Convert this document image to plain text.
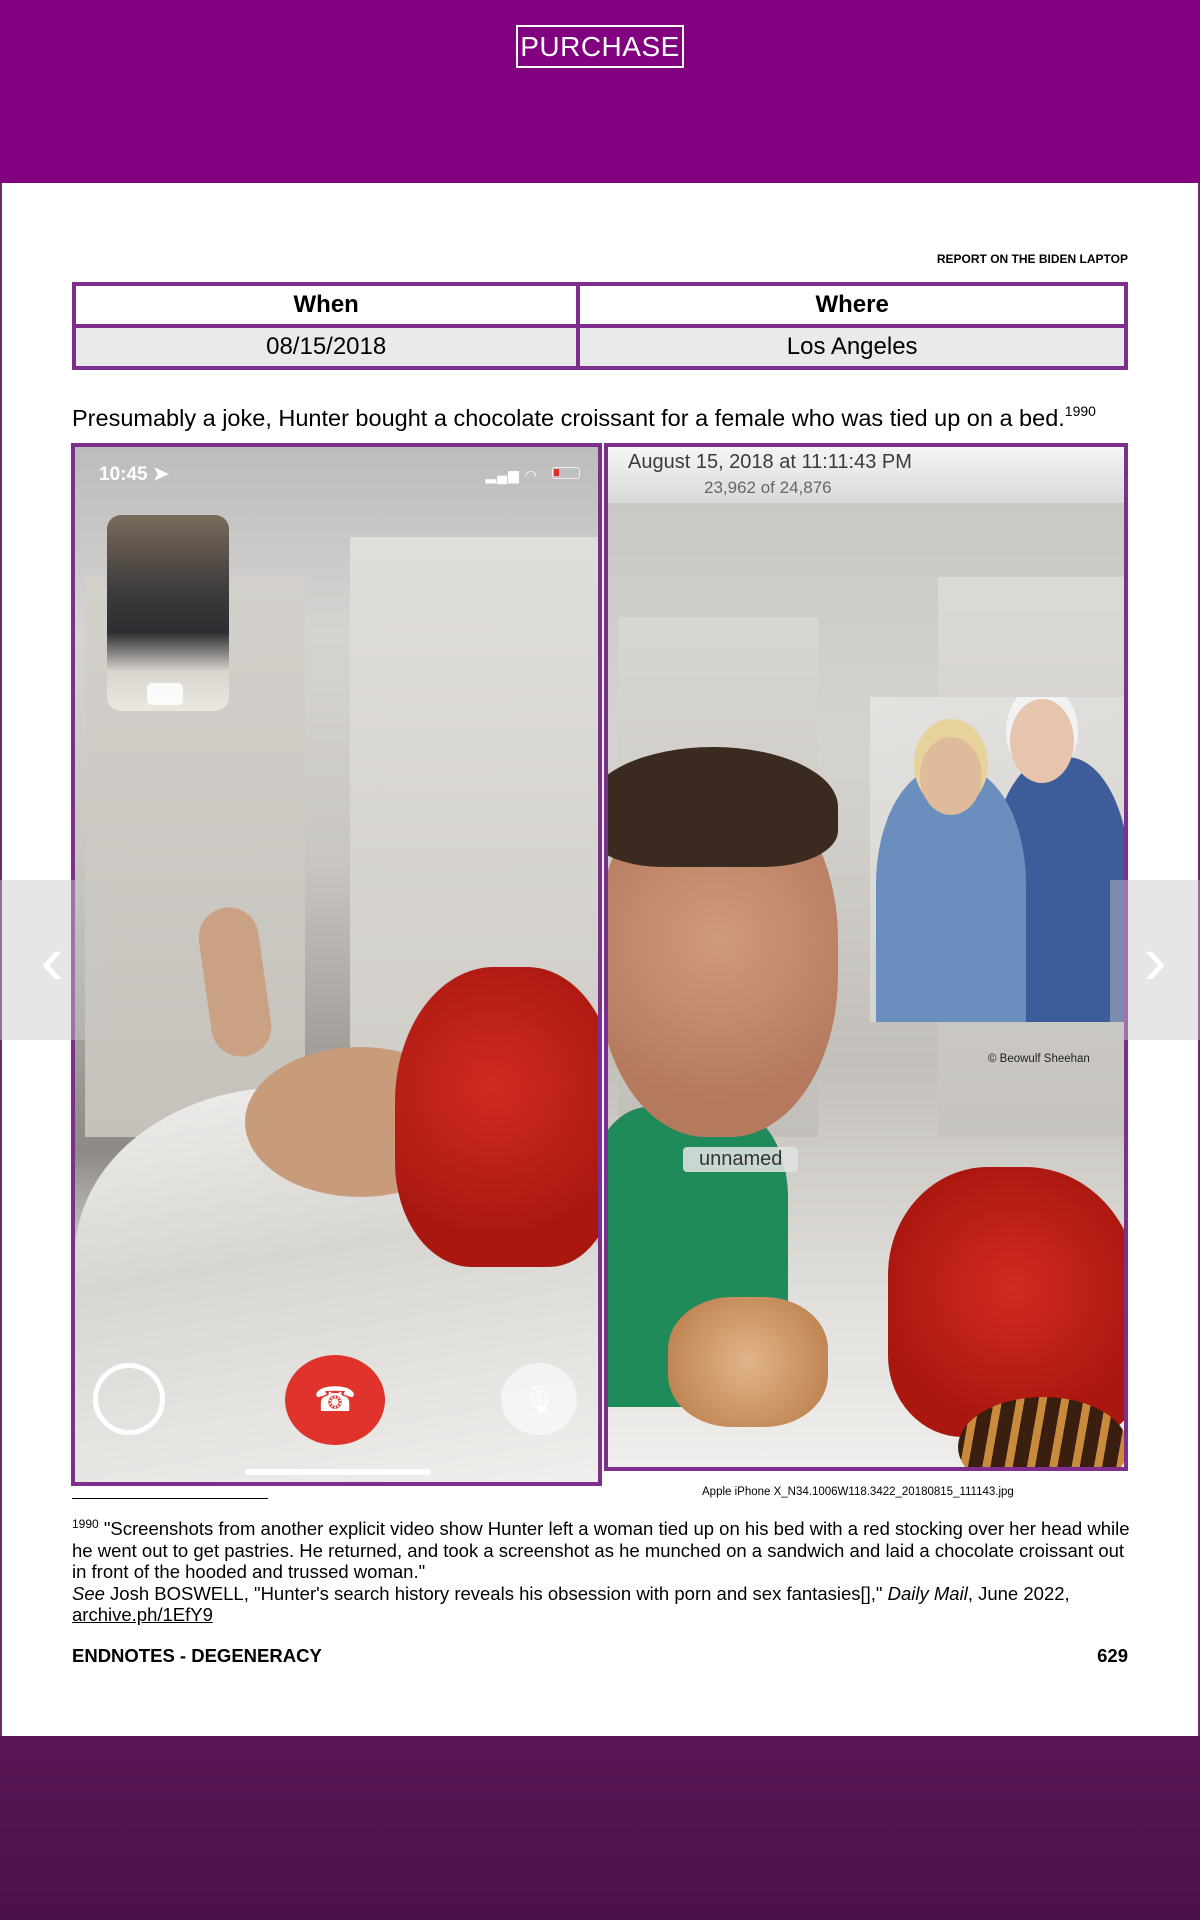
PURCHASE
REPORT ON THE BIDEN LAPTOP
When	Where
08/15/2018	Los Angeles
Presumably a joke, Hunter bought a chocolate croissant for a female who was tied up on a bed.$^{1990}$
10:45 ➤	▂▄▆ ◠
☎	🎙
© Beowulf Sheehan
unnamed
August 15, 2018 at 11:11:43 PM
23,962 of 24,876
Apple iPhone X_N34.1006W118.3422_20180815_111143.jpg
$^{1990}$ "Screenshots from another explicit video show Hunter left a woman tied up on his bed with a red stocking over her head while he went out to get pastries. He returned, and took a screenshot as he munched on a sandwich and laid a chocolate croissant out in front of the hooded and trussed woman."
See Josh BOSWELL, "Hunter's search history reveals his obsession with porn and sex fantasies[]," Daily Mail, June 2022,
archive.ph/1EfY9
ENDNOTES - DEGENERACY	629
‹	›
